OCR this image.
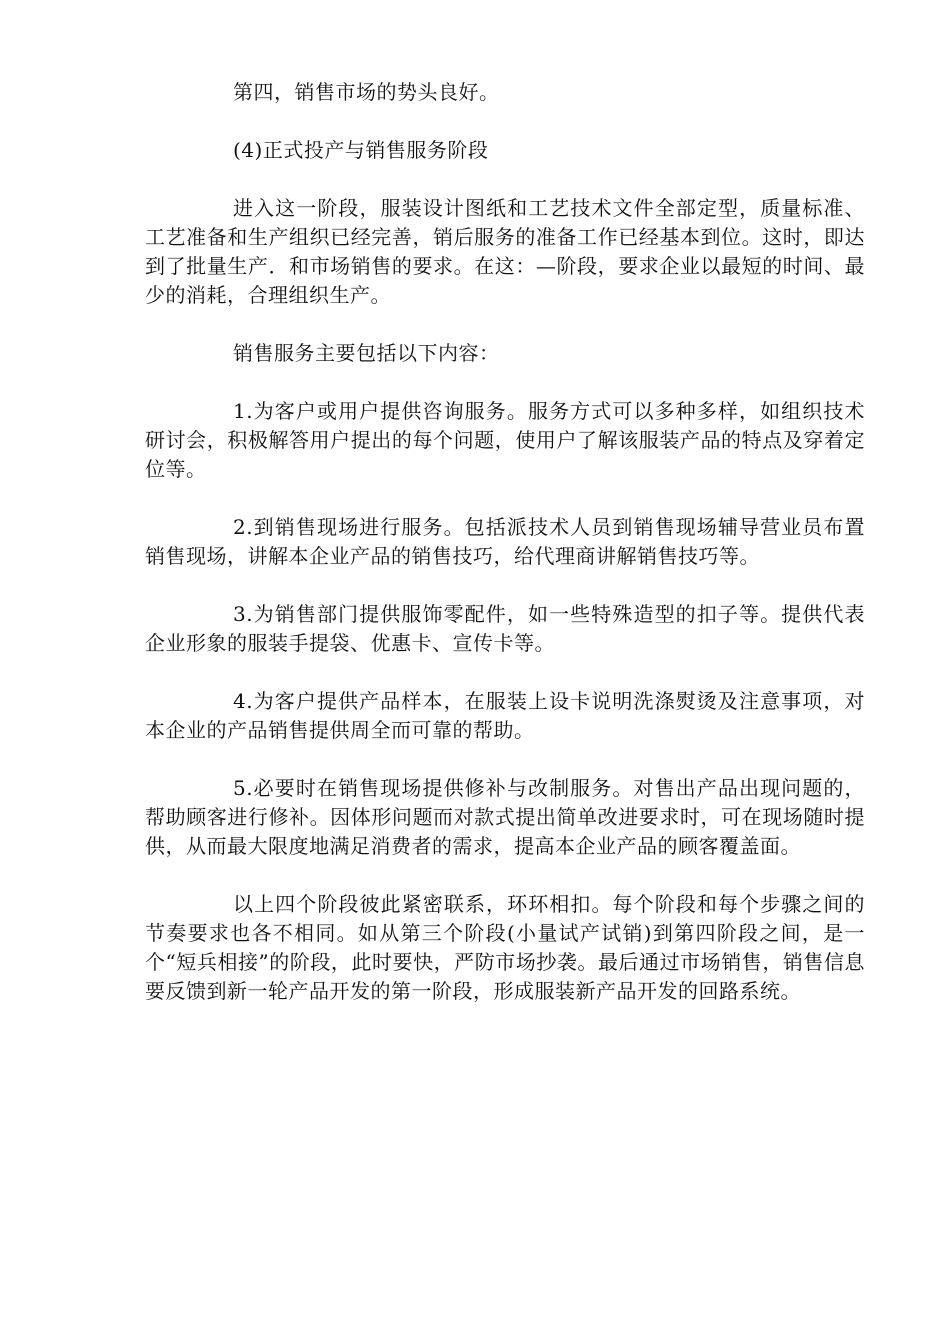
第四，销售市场的势头良好。

(4)正式投产与销售服务阶段

进入这一阶段，服装设计图纸和工艺技术文件全部定型，质量标准、工艺准备和生产组织已经完善，销后服务的准备工作已经基本到位。这时，即达到了批量生产．和市场销售的要求。在这：—阶段，要求企业以最短的时间、最少的消耗，合理组织生产。

销售服务主要包括以下内容：

1.为客户或用户提供咨询服务。服务方式可以多种多样，如组织技术研讨会，积极解答用户提出的每个问题，使用户了解该服装产品的特点及穿着定位等。

2.到销售现场进行服务。包括派技术人员到销售现场辅导营业员布置销售现场，讲解本企业产品的销售技巧，给代理商讲解销售技巧等。

3.为销售部门提供服饰零配件，如一些特殊造型的扣子等。提供代表企业形象的服装手提袋、优惠卡、宣传卡等。

4.为客户提供产品样本，在服装上设卡说明洗涤熨烫及注意事项，对本企业的产品销售提供周全而可靠的帮助。

5.必要时在销售现场提供修补与改制服务。对售出产品出现问题的，帮助顾客进行修补。因体形问题而对款式提出简单改进要求时，可在现场随时提供，从而最大限度地满足消费者的需求，提高本企业产品的顾客覆盖面。

以上四个阶段彼此紧密联系，环环相扣。每个阶段和每个步骤之间的节奏要求也各不相同。如从第三个阶段(小量试产试销)到第四阶段之间，是一个“短兵相接”的阶段，此时要快，严防市场抄袭。最后通过市场销售，销售信息要反馈到新一轮产品开发的第一阶段，形成服装新产品开发的回路系统。
